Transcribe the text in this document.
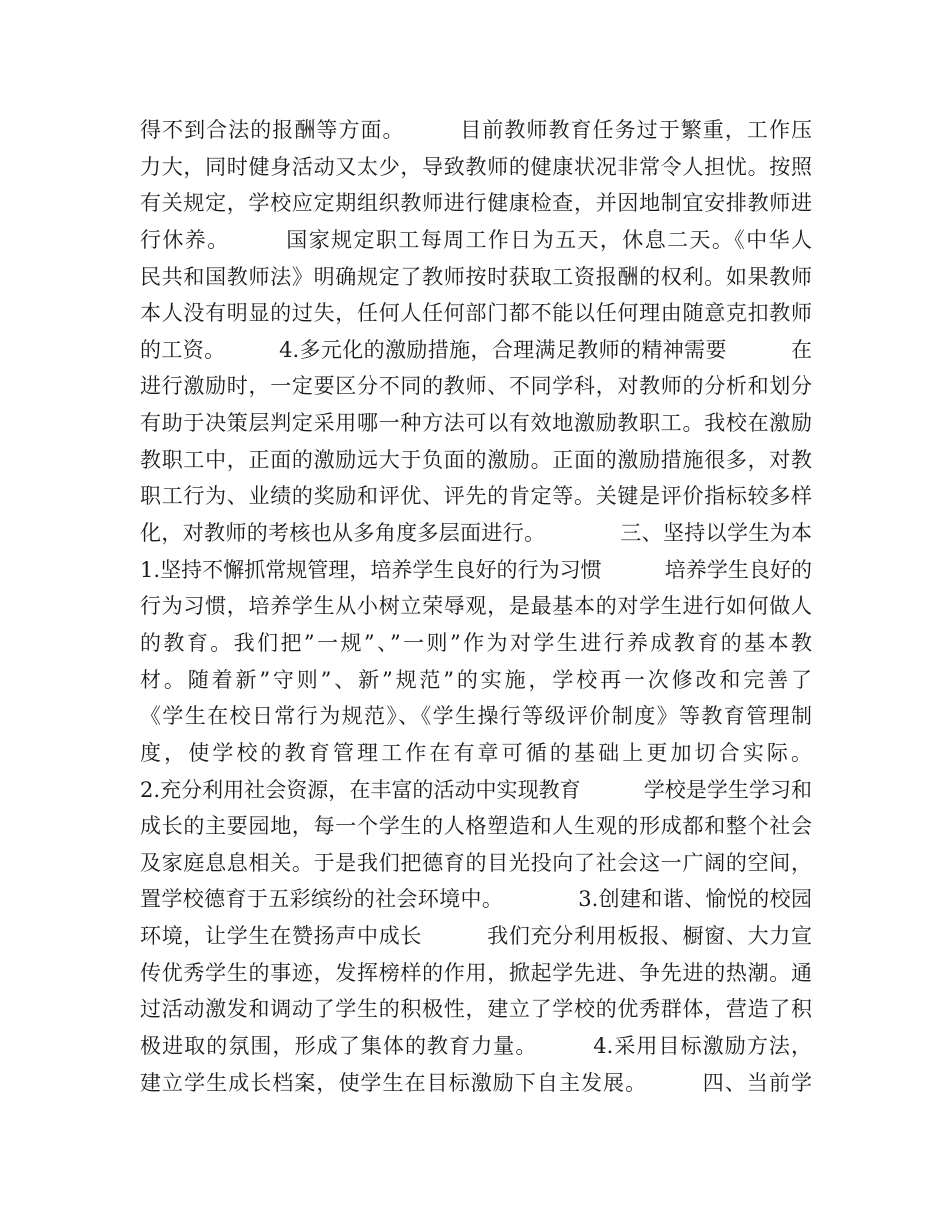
得不到合法的报酬等方面。　　　目前教师教育任务过于繁重，工作压
力大，同时健身活动又太少，导致教师的健康状况非常令人担忧。按照
有关规定，学校应定期组织教师进行健康检查，并因地制宜安排教师进
行休养。　　　国家规定职工每周工作日为五天，休息二天。《中华人
民共和国教师法》明确规定了教师按时获取工资报酬的权利。如果教师
本人没有明显的过失，任何人任何部门都不能以任何理由随意克扣教师
的工资。　　　4.多元化的激励措施，合理满足教师的精神需要　　　在
进行激励时，一定要区分不同的教师、不同学科，对教师的分析和划分
有助于决策层判定采用哪一种方法可以有效地激励教职工。我校在激励
教职工中，正面的激励远大于负面的激励。正面的激励措施很多，对教
职工行为、业绩的奖励和评优、评先的肯定等。关键是评价指标较多样
化，对教师的考核也从多角度多层面进行。　　　　三、坚持以学生为本
1.坚持不懈抓常规管理，培养学生良好的行为习惯　　　培养学生良好的
行为习惯，培养学生从小树立荣辱观，是最基本的对学生进行如何做人
的教育。我们把”一规”、”一则”作为对学生进行养成教育的基本教
材。随着新”守则”、新”规范”的实施，学校再一次修改和完善了
《学生在校日常行为规范》、《学生操行等级评价制度》等教育管理制
度，使学校的教育管理工作在有章可循的基础上更加切合实际。
2.充分利用社会资源，在丰富的活动中实现教育　　　学校是学生学习和
成长的主要园地，每一个学生的人格塑造和人生观的形成都和整个社会
及家庭息息相关。于是我们把德育的目光投向了社会这一广阔的空间，
置学校德育于五彩缤纷的社会环境中。　　　　3.创建和谐、愉悦的校园
环境，让学生在赞扬声中成长　　　我们充分利用板报、橱窗、大力宣
传优秀学生的事迹，发挥榜样的作用，掀起学先进、争先进的热潮。通
过活动激发和调动了学生的积极性，建立了学校的优秀群体，营造了积
极进取的氛围，形成了集体的教育力量。　　　4.采用目标激励方法，
建立学生成长档案，使学生在目标激励下自主发展。　　　四、当前学
